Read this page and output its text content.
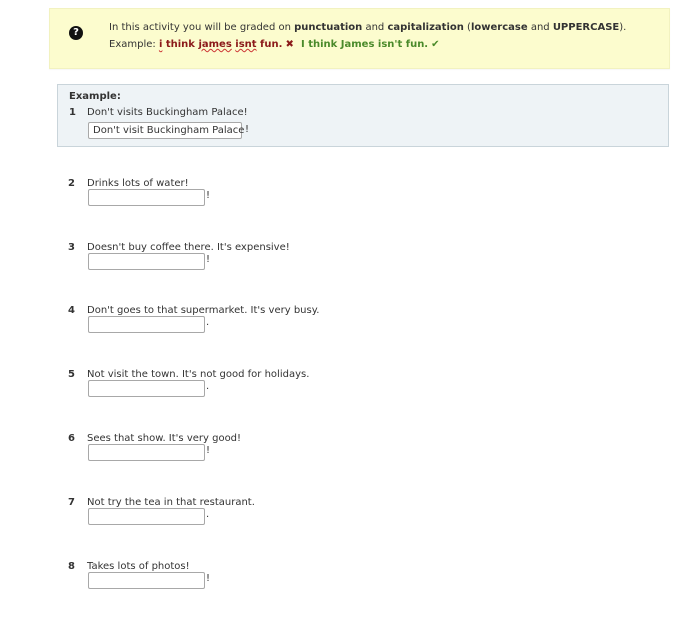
?	In this activity you will be graded on punctuation and capitalization (lowercase and UPPERCASE).
Example: i think james isnt fun. ✖ I think James isn't fun. ✔
Example:
1 Don't visits Buckingham Palace!
Don't visit Buckingham Palace !
2 Drinks lots of water!
!
3 Doesn't buy coffee there. It's expensive!
!
4 Don't goes to that supermarket. It's very busy.
.
5 Not visit the town. It's not good for holidays.
.
6 Sees that show. It's very good!
!
7 Not try the tea in that restaurant.
.
8 Takes lots of photos!
!
